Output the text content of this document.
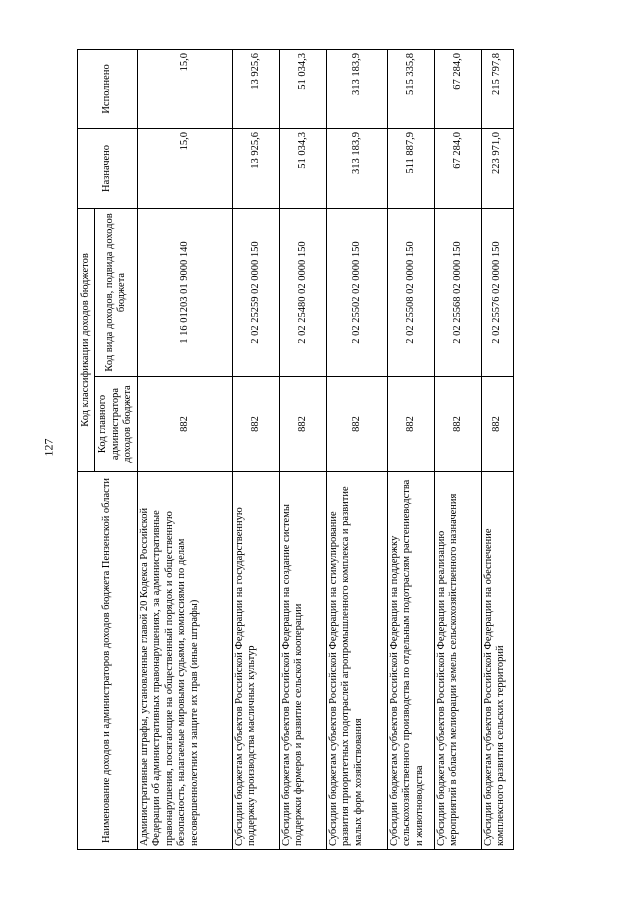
127
Наименование доходов и администраторов доходов бюджета Пензенской области	Код классификации доходов бюджетов		Назначено	Исполнено
	Код главного администратора доходов бюджета	Код вида доходов, подвида доходов бюджета		
Административные штрафы, установленные главой 20 Кодекса Российской Федерации об административных правонарушениях, за административные правонарушения, посягающие на общественный порядок и общественную безопасность, налагаемые мировыми судьями, комиссиями по делам несовершеннолетних и защите их прав (иные штрафы)	882	1 16 01203 01 9000 140	15,0	15,0
Субсидии бюджетам субъектов Российской Федерации на государственную поддержку производства масличных культур	882	2 02 25259 02 0000 150	13 925,6	13 925,6
Субсидии бюджетам субъектов Российской Федерации на создание системы поддержки фермеров и развитие сельской кооперации	882	2 02 25480 02 0000 150	51 034,3	51 034,3
Субсидии бюджетам субъектов Российской Федерации на стимулирование развития приоритетных подотраслей агропромышленного комплекса и развитие малых форм хозяйствования	882	2 02 25502 02 0000 150	313 183,9	313 183,9
Субсидии бюджетам субъектов Российской Федерации на поддержку сельскохозяйственного производства по отдельным подотраслям растениеводства и животноводства	882	2 02 25508 02 0000 150	511 887,9	515 335,8
Субсидии бюджетам субъектов Российской Федерации на реализацию мероприятий в области мелиорации земель сельскохозяйственного назначения	882	2 02 25568 02 0000 150	67 284,0	67 284,0
Субсидии бюджетам субъектов Российской Федерации на обеспечение комплексного развития сельских территорий	882	2 02 25576 02 0000 150	223 971,0	215 797,8
